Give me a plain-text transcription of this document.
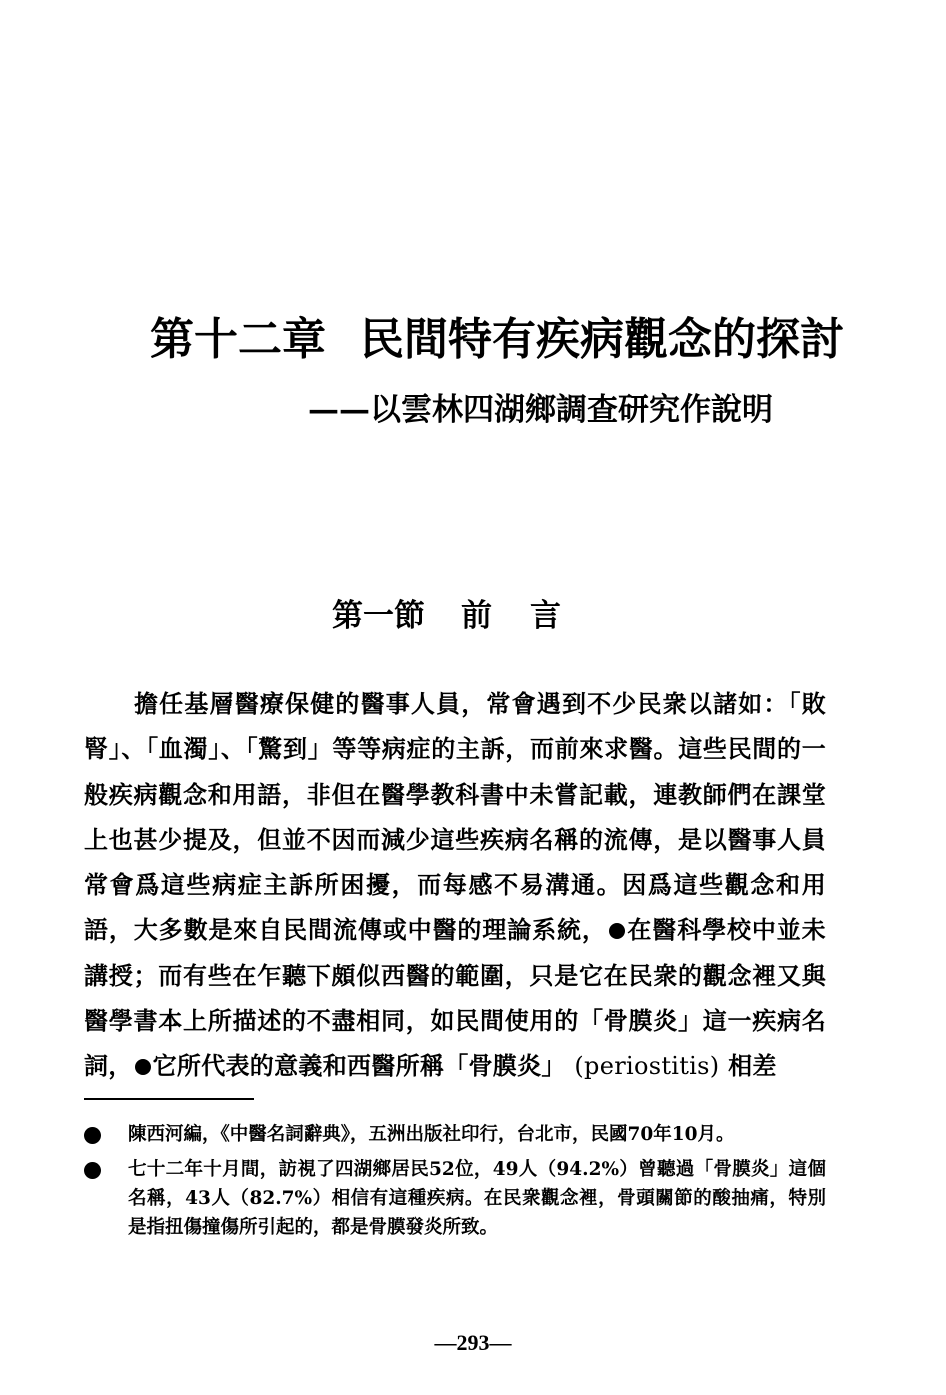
第十二章 民間特有疾病觀念的探討
——以雲林四湖鄉調查研究作說明
第一節 前 言
擔任基層醫療保健的醫事人員，常會遇到不少民衆以諸如：「敗腎」、「血濁」、「驚到」等等病症的主訴，而前來求醫。這些民間的一般疾病觀念和用語，非但在醫學教科書中未嘗記載，連教師們在課堂上也甚少提及，但並不因而減少這些疾病名稱的流傳，是以醫事人員常會爲這些病症主訴所困擾，而每感不易溝通。因爲這些觀念和用語，大多數是來自民間流傳或中醫的理論系統， 在醫科學校中並未講授；而有些在乍聽下頗似西醫的範圍，只是它在民衆的觀念裡又與醫學書本上所描述的不盡相同，如民間使用的「骨膜炎」這一疾病名詞， 它所代表的意義和西醫所稱「骨膜炎」 (periostitis) 相差
陳西河編，《中醫名詞辭典》，五洲出版社印行，台北市，民國70年10月。
七十二年十月間，訪視了四湖鄉居民52位，49人（94.2%）曾聽過「骨膜炎」這個名稱，43人（82.7%）相信有這種疾病。在民衆觀念裡，骨頭關節的酸抽痛，特別是指扭傷撞傷所引起的，都是骨膜發炎所致。
—293—
